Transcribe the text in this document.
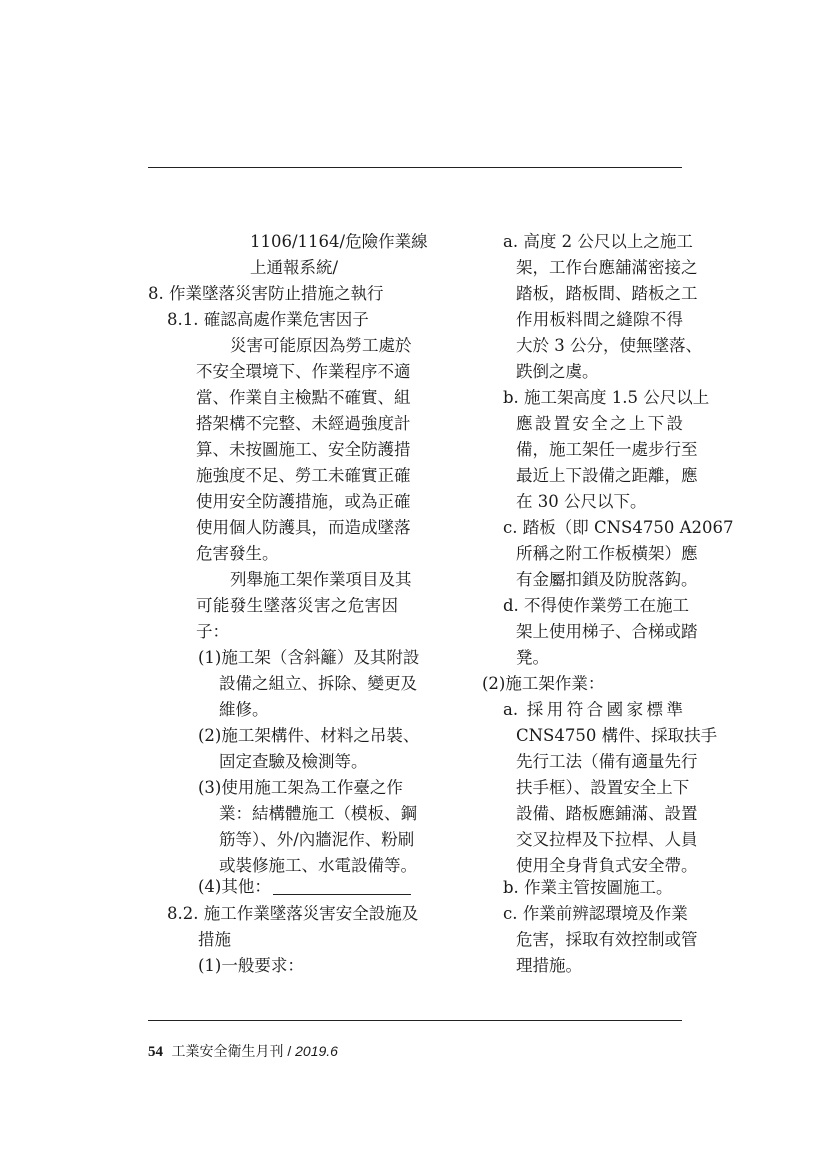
1106/1164/危險作業線
上通報系統/
8. 作業墜落災害防止措施之執行
8.1. 確認高處作業危害因子
災害可能原因為勞工處於
不安全環境下、作業程序不適
當、作業自主檢點不確實、組
搭架構不完整、未經過強度計
算、未按圖施工、安全防護措
施強度不足、勞工未確實正確
使用安全防護措施，或為正確
使用個人防護具，而造成墜落
危害發生。
列舉施工架作業項目及其
可能發生墜落災害之危害因
子：
(1)施工架（含斜籬）及其附設
設備之組立、拆除、變更及
維修。
(2)施工架構件、材料之吊裝、
固定查驗及檢測等。
(3)使用施工架為工作臺之作
業：結構體施工（模板、鋼
筋等）、外/內牆泥作、粉刷
或裝修施工、水電設備等。
(4)其他：
8.2. 施工作業墜落災害安全設施及
措施
(1)一般要求：
a. 高度 2 公尺以上之施工
架，工作台應舖滿密接之
踏板，踏板間、踏板之工
作用板料間之縫隙不得
大於 3 公分，使無墜落、
跌倒之虞。
b. 施工架高度 1.5 公尺以上
應設置安全之上下設
備，施工架任一處步行至
最近上下設備之距離，應
在 30 公尺以下。
c. 踏板（即 CNS4750 A2067
所稱之附工作板橫架）應
有金屬扣鎖及防脫落鈎。
d. 不得使作業勞工在施工
架上使用梯子、合梯或踏
凳。
(2)施工架作業：
a. 採用符合國家標準
CNS4750 構件、採取扶手
先行工法（備有適量先行
扶手框）、設置安全上下
設備、踏板應鋪滿、設置
交叉拉桿及下拉桿、人員
使用全身背負式安全帶。
b. 作業主管按圖施工。
c. 作業前辨認環境及作業
危害，採取有效控制或管
理措施。
54 工業安全衛生月刊 / 2019.6
